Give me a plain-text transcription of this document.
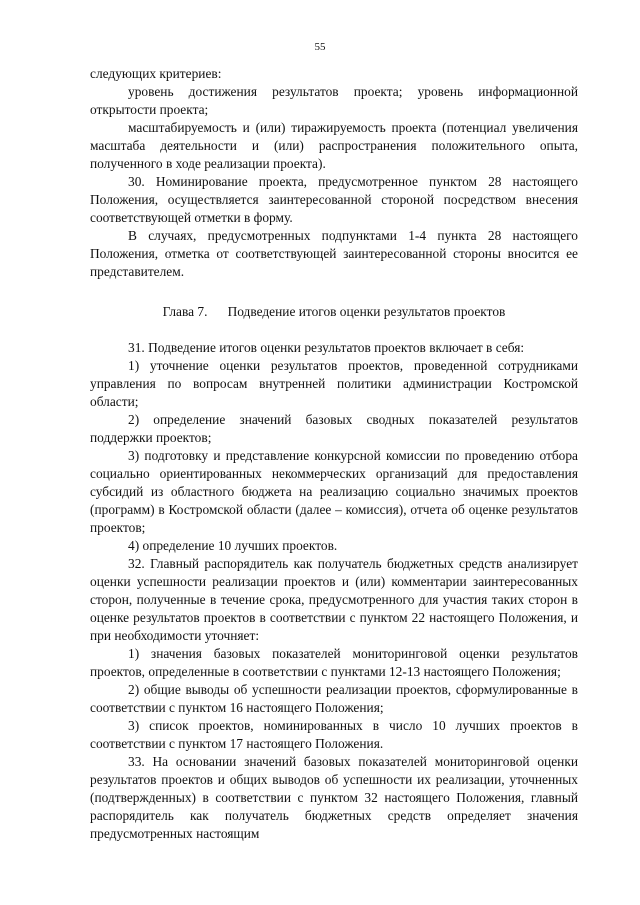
55

следующих критериев:

уровень достижения результатов проекта; уровень информационной открытости проекта;

масштабируемость и (или) тиражируемость проекта (потенциал увеличения масштаба деятельности и (или) распространения положительного опыта, полученного в ходе реализации проекта).

30. Номинирование проекта, предусмотренное пунктом 28 настоящего Положения, осуществляется заинтересованной стороной посредством внесения соответствующей отметки в форму.

В случаях, предусмотренных подпунктами 1-4 пункта 28 настоящего Положения, отметка от соответствующей заинтересованной стороны вносится ее представителем.

Глава 7.      Подведение итогов оценки результатов проектов

31. Подведение итогов оценки результатов проектов включает в себя:

1) уточнение оценки результатов проектов, проведенной сотрудниками управления по вопросам внутренней политики администрации Костромской области;

2) определение значений базовых сводных показателей результатов поддержки проектов;

3) подготовку и представление конкурсной комиссии по проведению отбора социально ориентированных некоммерческих организаций для предоставления субсидий из областного бюджета на реализацию социально значимых проектов (программ) в Костромской области (далее – комиссия), отчета об оценке результатов проектов;

4) определение 10 лучших проектов.

32. Главный распорядитель как получатель бюджетных средств анализирует оценки успешности реализации проектов и (или) комментарии заинтересованных сторон, полученные в течение срока, предусмотренного для участия таких сторон в оценке результатов проектов в соответствии с пунктом 22 настоящего Положения, и при необходимости уточняет:

1) значения базовых показателей мониторинговой оценки результатов проектов, определенные в соответствии с пунктами 12-13 настоящего Положения;

2) общие выводы об успешности реализации проектов, сформулированные в соответствии с пунктом 16 настоящего Положения;

3) список проектов, номинированных в число 10 лучших проектов в соответствии с пунктом 17 настоящего Положения.

33. На основании значений базовых показателей мониторинговой оценки результатов проектов и общих выводов об успешности их реализации, уточненных (подтвержденных) в соответствии с пунктом 32 настоящего Положения, главный распорядитель как получатель бюджетных средств определяет значения предусмотренных настоящим
